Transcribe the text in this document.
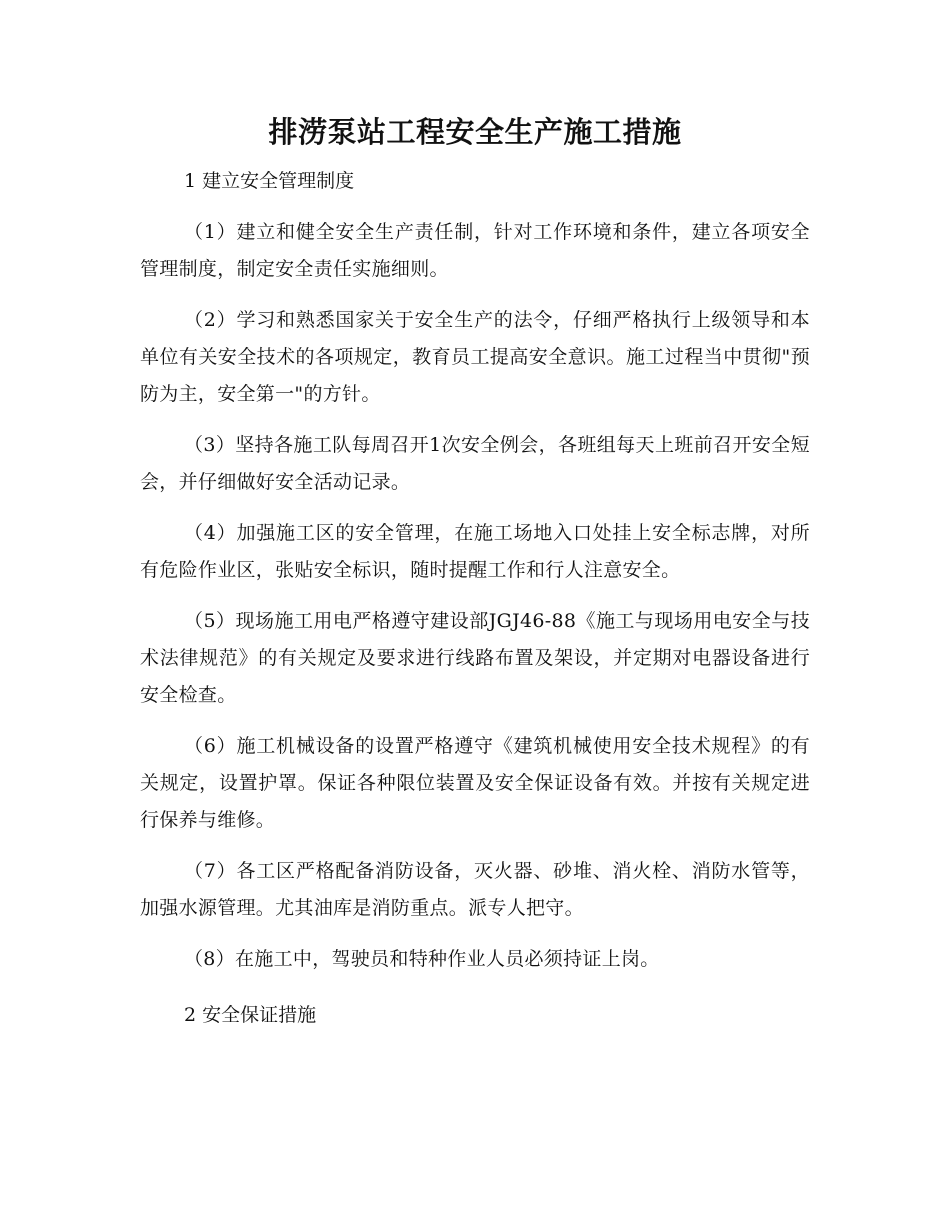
排涝泵站工程安全生产施工措施
1 建立安全管理制度

（1）建立和健全安全生产责任制，针对工作环境和条件，建立各项安全管理制度，制定安全责任实施细则。

（2）学习和熟悉国家关于安全生产的法令，仔细严格执行上级领导和本单位有关安全技术的各项规定，教育员工提高安全意识。施工过程当中贯彻"预防为主，安全第一"的方针。

（3）坚持各施工队每周召开1次安全例会，各班组每天上班前召开安全短会，并仔细做好安全活动记录。

（4）加强施工区的安全管理，在施工场地入口处挂上安全标志牌，对所有危险作业区，张贴安全标识，随时提醒工作和行人注意安全。

（5）现场施工用电严格遵守建设部JGJ46-88《施工与现场用电安全与技术法律规范》的有关规定及要求进行线路布置及架设，并定期对电器设备进行安全检查。

（6）施工机械设备的设置严格遵守《建筑机械使用安全技术规程》的有关规定，设置护罩。保证各种限位装置及安全保证设备有效。并按有关规定进行保养与维修。

（7）各工区严格配备消防设备，灭火器、砂堆、消火栓、消防水管等，加强水源管理。尤其油库是消防重点。派专人把守。

（8）在施工中，驾驶员和特种作业人员必须持证上岗。

2 安全保证措施
